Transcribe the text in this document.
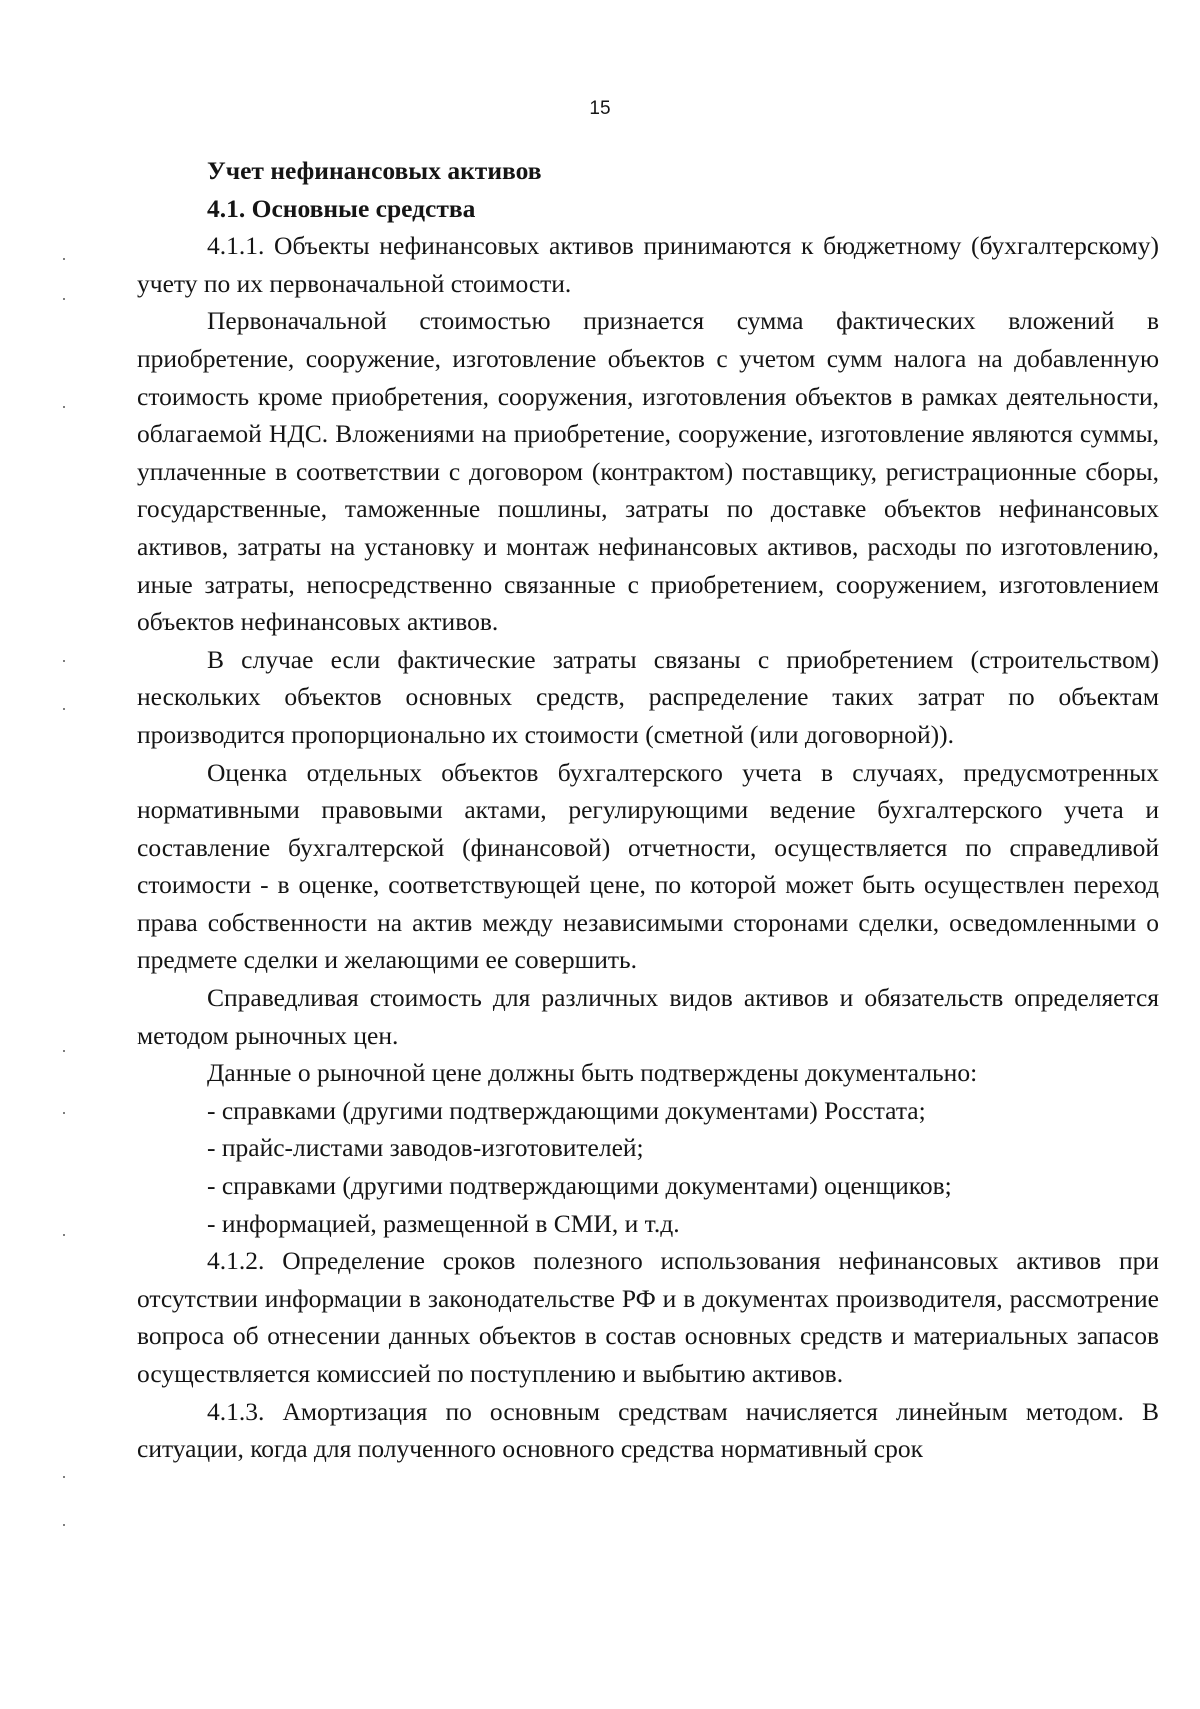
15

Учет нефинансовых активов

4.1. Основные средства

4.1.1. Объекты нефинансовых активов принимаются к бюджетному (бухгалтерскому) учету по их первоначальной стоимости.

Первоначальной стоимостью признается сумма фактических вложений в приобретение, сооружение, изготовление объектов с учетом сумм налога на добавленную стоимость кроме приобретения, сооружения, изготовления объектов в рамках деятельности, облагаемой НДС. Вложениями на приобретение, сооружение, изготовление являются суммы, уплаченные в соответствии с договором (контрактом) поставщику, регистрационные сборы, государственные, таможенные пошлины, затраты по доставке объектов нефинансовых активов, затраты на установку и монтаж нефинансовых активов, расходы по изготовлению, иные затраты, непосредственно связанные с приобретением, сооружением, изготовлением объектов нефинансовых активов.

В случае если фактические затраты связаны с приобретением (строительством) нескольких объектов основных средств, распределение таких затрат по объектам производится пропорционально их стоимости (сметной (или договорной)).

Оценка отдельных объектов бухгалтерского учета в случаях, предусмотренных нормативными правовыми актами, регулирующими ведение бухгалтерского учета и составление бухгалтерской (финансовой) отчетности, осуществляется по справедливой стоимости - в оценке, соответствующей цене, по которой может быть осуществлен переход права собственности на актив между независимыми сторонами сделки, осведомленными о предмете сделки и желающими ее совершить.

Справедливая стоимость для различных видов активов и обязательств определяется методом рыночных цен.

Данные о рыночной цене должны быть подтверждены документально:

- справками (другими подтверждающими документами) Росстата;

- прайс-листами заводов-изготовителей;

- справками (другими подтверждающими документами) оценщиков;

- информацией, размещенной в СМИ, и т.д.

4.1.2. Определение сроков полезного использования нефинансовых активов при отсутствии информации в законодательстве РФ и в документах производителя, рассмотрение вопроса об отнесении данных объектов в состав основных средств и материальных запасов осуществляется комиссией по поступлению и выбытию активов.

4.1.3. Амортизация по основным средствам начисляется линейным методом. В ситуации, когда для полученного основного средства нормативный срок
